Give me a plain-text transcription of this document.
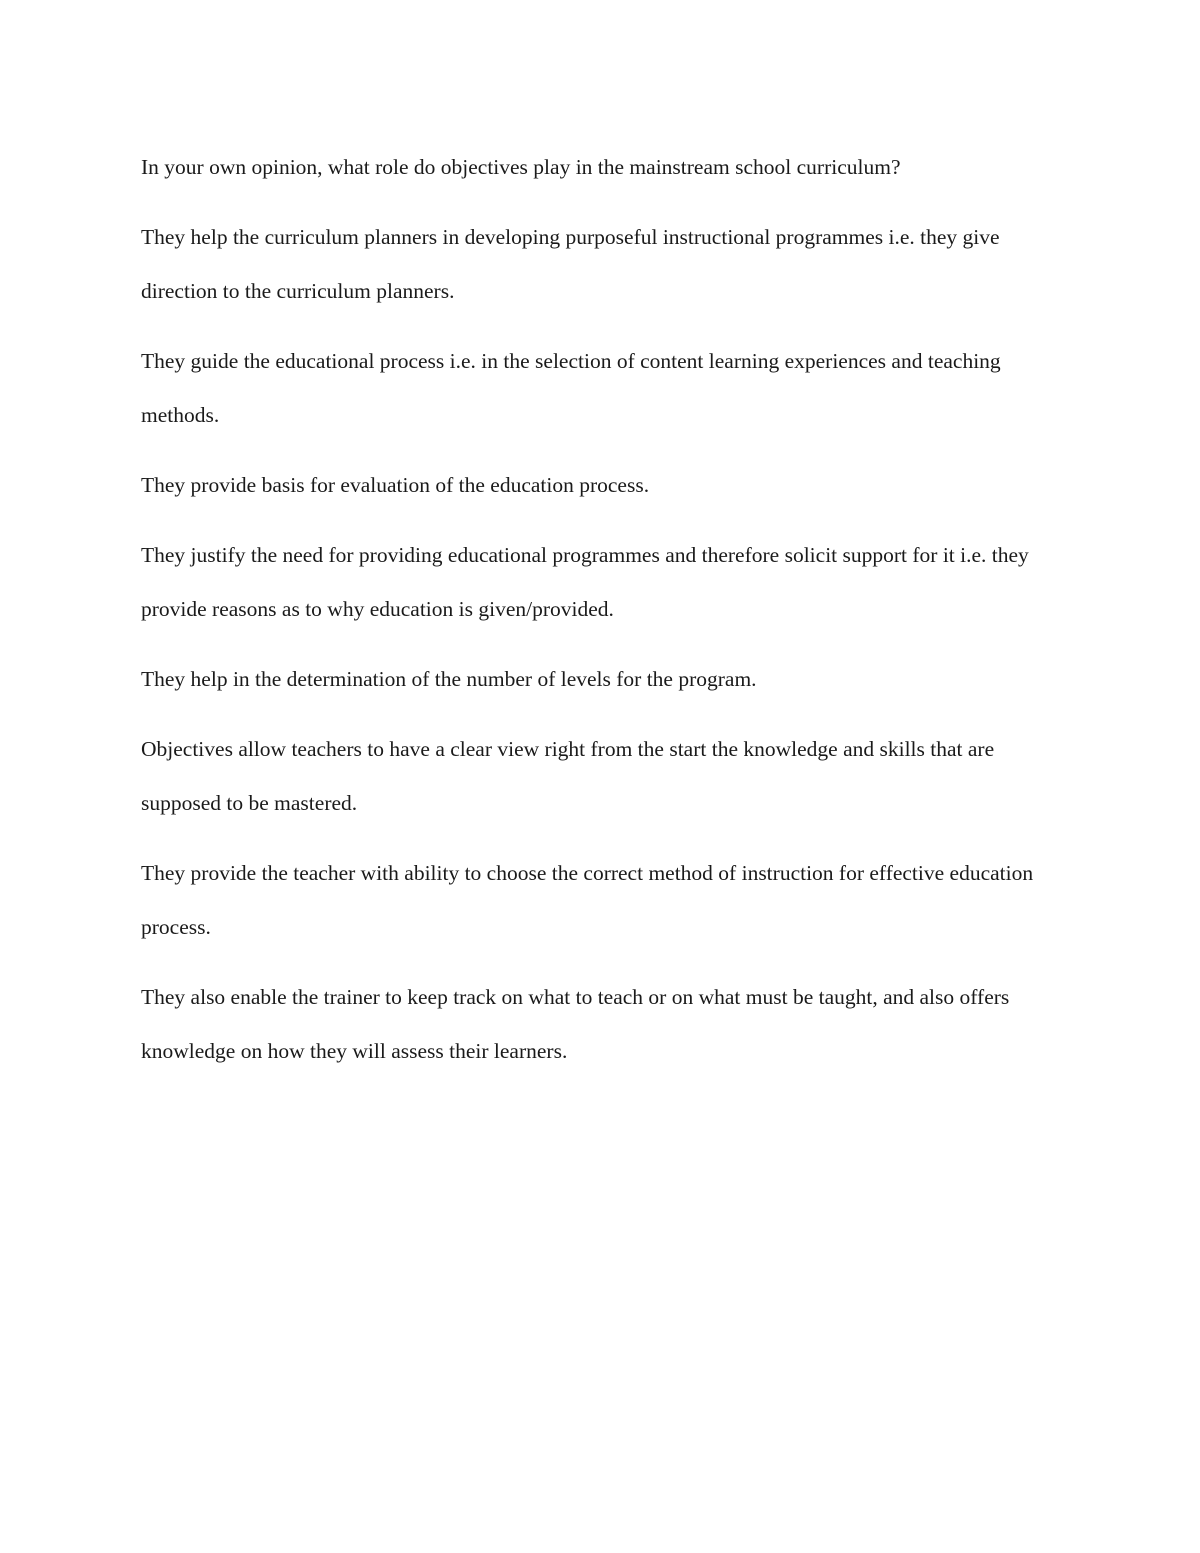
In your own opinion, what role do objectives play in the mainstream school curriculum?

They help the curriculum planners in developing purposeful instructional programmes i.e. they give direction to the curriculum planners.

They guide the educational process i.e. in the selection of content learning experiences and teaching methods.

They provide basis for evaluation of the education process.

They justify the need for providing educational programmes and therefore solicit support for it i.e. they provide reasons as to why education is given/provided.

They help in the determination of the number of levels for the program.

Objectives allow teachers to have a clear view right from the start the knowledge and skills that are supposed to be mastered.

They provide the teacher with ability to choose the correct method of instruction for effective education process.

They also enable the trainer to keep track on what to teach or on what must be taught, and also offers knowledge on how they will assess their learners.
